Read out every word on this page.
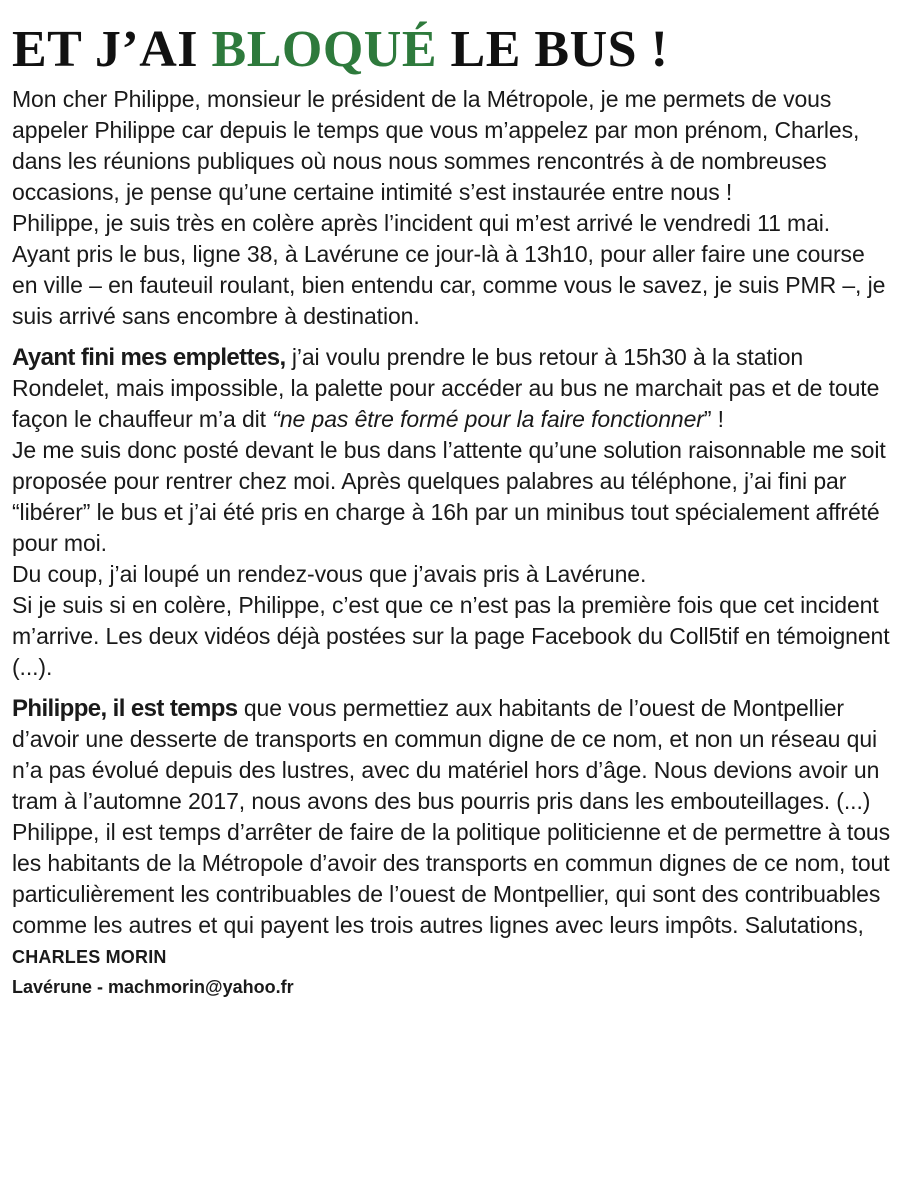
ET J’AI BLOQUÉ LE BUS !

Mon cher Philippe, monsieur le président de la Métropole, je me permets de vous appeler Philippe car depuis le temps que vous m’appelez par mon prénom, Charles, dans les réunions publiques où nous nous sommes rencontrés à de nombreuses occasions, je pense qu’une certaine intimité s’est instaurée entre nous !

Philippe, je suis très en colère après l’incident qui m’est arrivé le vendredi 11 mai. Ayant pris le bus, ligne 38, à Lavérune ce jour-là à 13h10, pour aller faire une course en ville – en fauteuil roulant, bien entendu car, comme vous le savez, je suis PMR –, je suis arrivé sans encombre à destination.

Ayant fini mes emplettes, j’ai voulu prendre le bus retour à 15h30 à la station Rondelet, mais impossible, la palette pour accéder au bus ne marchait pas et de toute façon le chauffeur m’a dit “ne pas être formé pour la faire fonctionner” !

Je me suis donc posté devant le bus dans l’attente qu’une solution raisonnable me soit proposée pour rentrer chez moi. Après quelques palabres au téléphone, j’ai fini par “libérer” le bus et j’ai été pris en charge à 16h par un minibus tout spécialement affrété pour moi.

Du coup, j’ai loupé un rendez-vous que j’avais pris à Lavérune.

Si je suis si en colère, Philippe, c’est que ce n’est pas la première fois que cet incident m’arrive. Les deux vidéos déjà postées sur la page Facebook du Coll5tif en témoignent (...).

Philippe, il est temps que vous permettiez aux habitants de l’ouest de Montpellier d’avoir une desserte de transports en commun digne de ce nom, et non un réseau qui n’a pas évolué depuis des lustres, avec du matériel hors d’âge. Nous devions avoir un tram à l’automne 2017, nous avons des bus pourris pris dans les embouteillages. (...)

Philippe, il est temps d’arrêter de faire de la politique politicienne et de permettre à tous les habitants de la Métropole d’avoir des transports en commun dignes de ce nom, tout particulièrement les contribuables de l’ouest de Montpellier, qui sont des contribuables comme les autres et qui payent les trois autres lignes avec leurs impôts. Salutations,

CHARLES MORIN
Lavérune - machmorin@yahoo.fr
